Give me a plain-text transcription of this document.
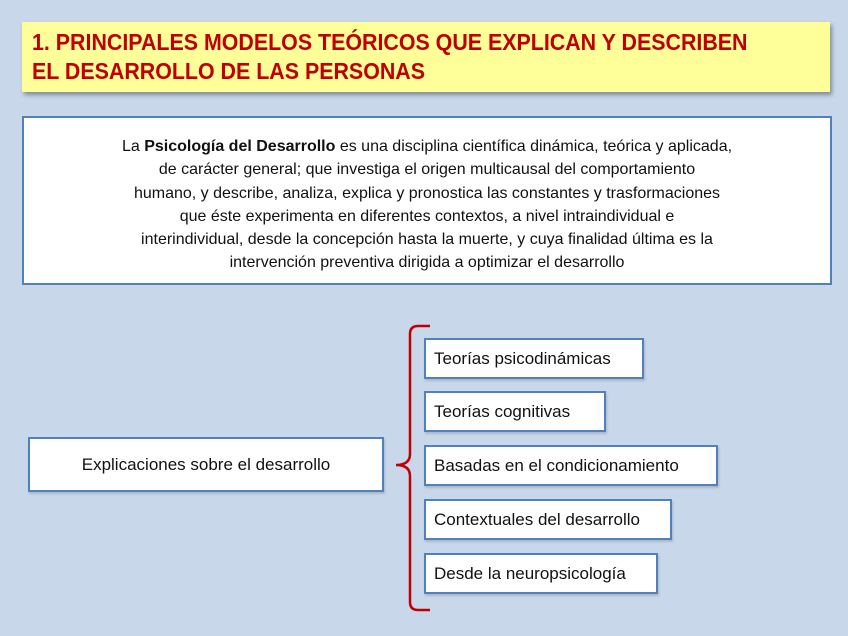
1. PRINCIPALES MODELOS TEÓRICOS QUE EXPLICAN Y DESCRIBEN
EL DESARROLLO DE LAS PERSONAS
La Psicología del Desarrollo es una disciplina científica dinámica, teórica y aplicada,
de carácter general; que investiga el origen multicausal del comportamiento
humano, y describe, analiza, explica y pronostica las constantes y trasformaciones
que éste experimenta en diferentes contextos, a nivel intraindividual e
interindividual, desde la concepción hasta la muerte, y cuya finalidad última es la
intervención preventiva dirigida a optimizar el desarrollo
Explicaciones sobre el desarrollo
Teorías psicodinámicas
Teorías cognitivas
Basadas en el condicionamiento
Contextuales del desarrollo
Desde la neuropsicología
